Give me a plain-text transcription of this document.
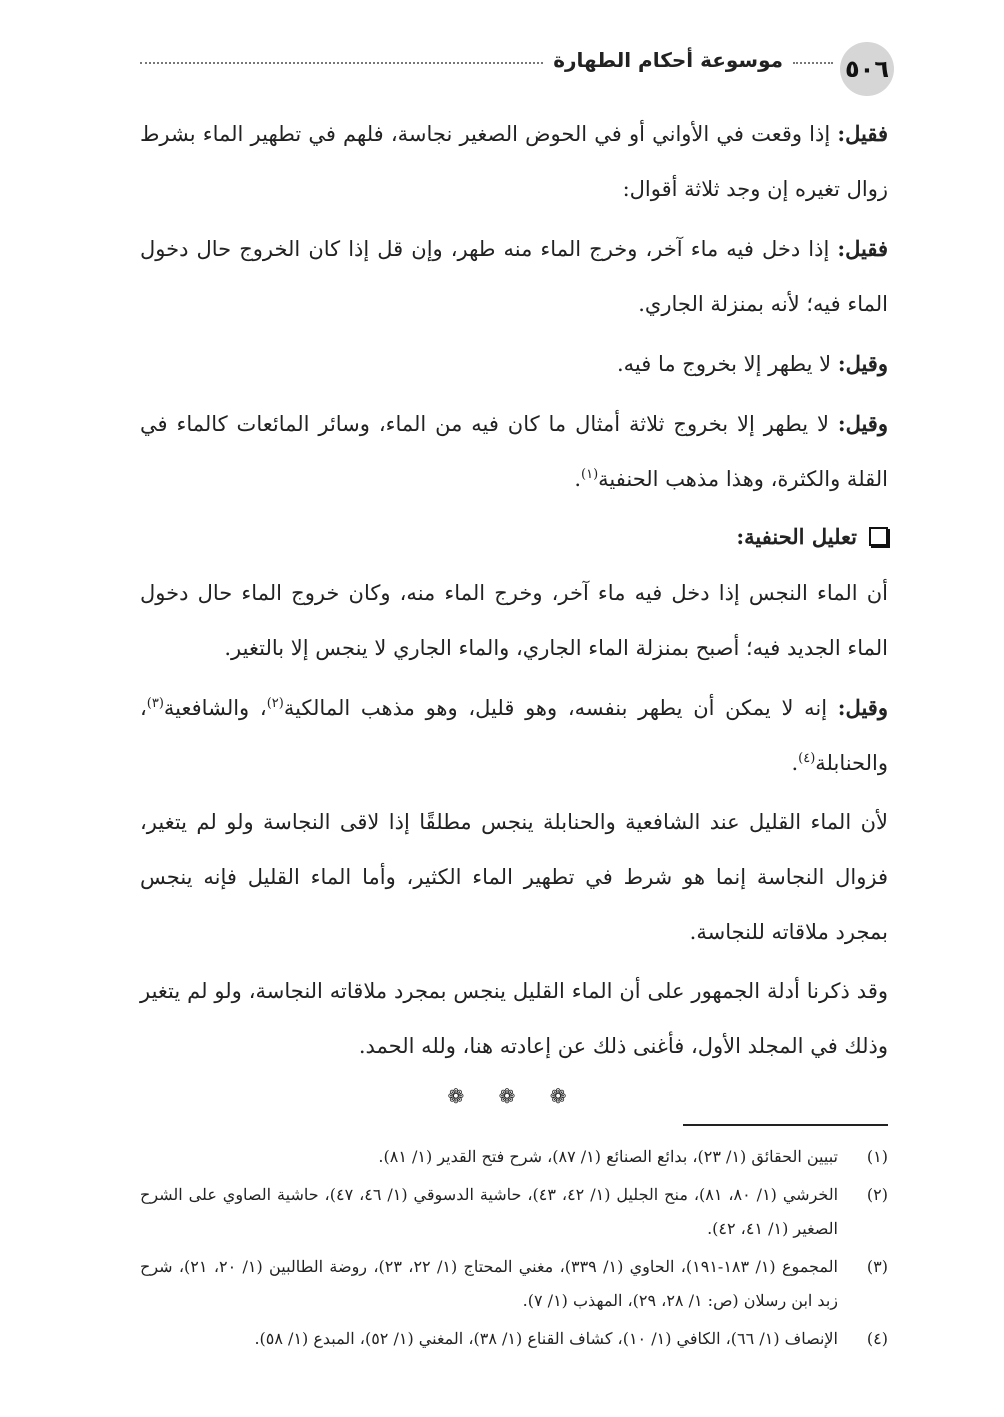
٥٠٦
موسوعة أحكام الطهارة

فقيل: إذا وقعت في الأواني أو في الحوض الصغير نجاسة، فلهم في تطهير الماء بشرط زوال تغيره إن وجد ثلاثة أقوال:

فقيل: إذا دخل فيه ماء آخر، وخرج الماء منه طهر، وإن قل إذا كان الخروج حال دخول الماء فيه؛ لأنه بمنزلة الجاري.

وقيل: لا يطهر إلا بخروج ما فيه.

وقيل: لا يطهر إلا بخروج ثلاثة أمثال ما كان فيه من الماء، وسائر المائعات كالماء في القلة والكثرة، وهذا مذهب الحنفية$^{(١)}$.

تعليل الحنفية:

أن الماء النجس إذا دخل فيه ماء آخر، وخرج الماء منه، وكان خروج الماء حال دخول الماء الجديد فيه؛ أصبح بمنزلة الماء الجاري، والماء الجاري لا ينجس إلا بالتغير.

وقيل: إنه لا يمكن أن يطهر بنفسه، وهو قليل، وهو مذهب المالكية$^{(٢)}$، والشافعية$^{(٣)}$، والحنابلة$^{(٤)}$.

لأن الماء القليل عند الشافعية والحنابلة ينجس مطلقًا إذا لاقى النجاسة ولو لم يتغير، فزوال النجاسة إنما هو شرط في تطهير الماء الكثير، وأما الماء القليل فإنه ينجس بمجرد ملاقاته للنجاسة.

وقد ذكرنا أدلة الجمهور على أن الماء القليل ينجس بمجرد ملاقاته النجاسة، ولو لم يتغير وذلك في المجلد الأول، فأغنى ذلك عن إعادته هنا، ولله الحمد.

❁ ❁ ❁
(١)
تبيين الحقائق (١/ ٢٣)، بدائع الصنائع (١/ ٨٧)، شرح فتح القدير (١/ ٨١).
(٢)
الخرشي (١/ ٨٠، ٨١)، منح الجليل (١/ ٤٢، ٤٣)، حاشية الدسوقي (١/ ٤٦، ٤٧)، حاشية الصاوي على الشرح الصغير (١/ ٤١، ٤٢).
(٣)
المجموع (١/ ١٨٣-١٩١)، الحاوي (١/ ٣٣٩)، مغني المحتاج (١/ ٢٢، ٢٣)، روضة الطالبين (١/ ٢٠، ٢١)، شرح زبد ابن رسلان (ص: ١/ ٢٨، ٢٩)، المهذب (١/ ٧).
(٤)
الإنصاف (١/ ٦٦)، الكافي (١/ ١٠)، كشاف القناع (١/ ٣٨)، المغني (١/ ٥٢)، المبدع (١/ ٥٨).
